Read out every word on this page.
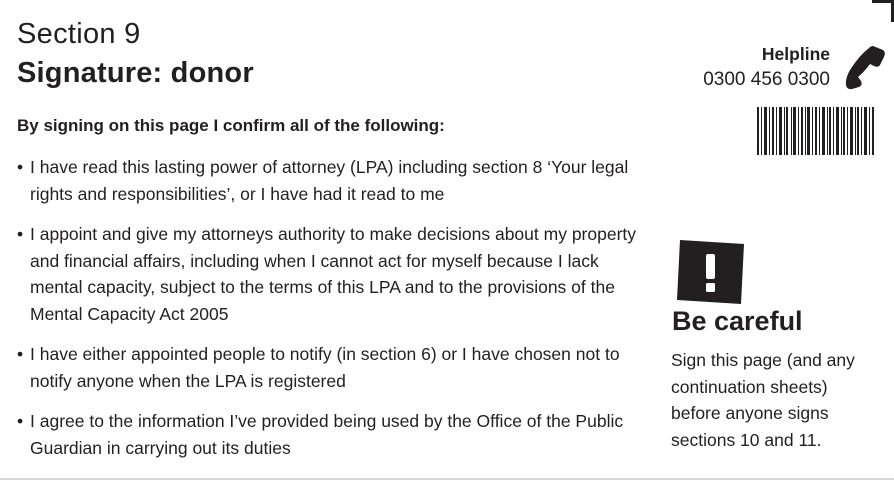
Section 9
Signature: donor

By signing on this page I confirm all of the following:

• I have read this lasting power of attorney (LPA) including section 8 ‘Your legal rights and responsibilities’, or I have had it read to me
• I appoint and give my attorneys authority to make decisions about my property and financial affairs, including when I cannot act for myself because I lack mental capacity, subject to the terms of this LPA and to the provisions of the Mental Capacity Act 2005
• I have either appointed people to notify (in section 6) or I have chosen not to notify anyone when the LPA is registered
• I agree to the information I’ve provided being used by the Office of the Public Guardian in carrying out its duties
Helpline
0300 456 0300
Be careful

Sign this page (and any continuation sheets) before anyone signs sections 10 and 11.
